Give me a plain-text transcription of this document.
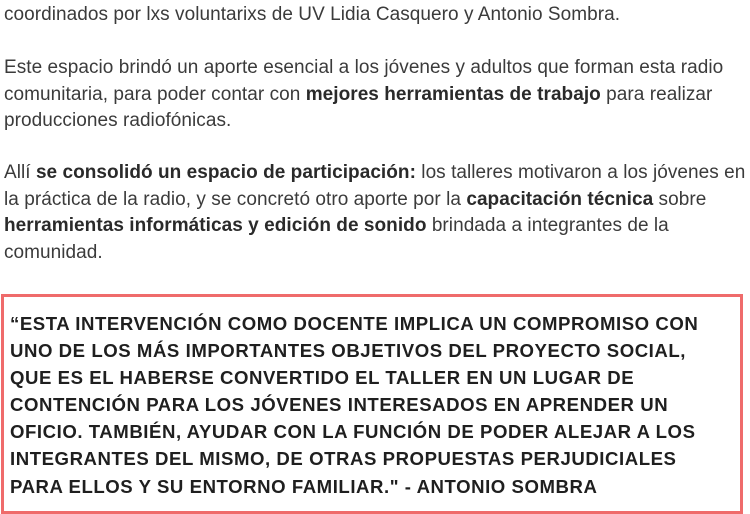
coordinados por lxs voluntarixs de UV Lidia Casquero y Antonio Sombra.

Este espacio brindó un aporte esencial a los jóvenes y adultos que forman esta radio comunitaria, para poder contar con mejores herramientas de trabajo para realizar producciones radiofónicas.

Allí se consolidó un espacio de participación: los talleres motivaron a los jóvenes en la práctica de la radio, y se concretó otro aporte por la capacitación técnica sobre herramientas informáticas y edición de sonido brindada a integrantes de la comunidad.

“ESTA INTERVENCIÓN COMO DOCENTE IMPLICA UN COMPROMISO CON
UNO DE LOS MÁS IMPORTANTES OBJETIVOS DEL PROYECTO SOCIAL,
QUE ES EL HABERSE CONVERTIDO EL TALLER EN UN LUGAR DE
CONTENCIÓN PARA LOS JÓVENES INTERESADOS EN APRENDER UN
OFICIO. TAMBIÉN, AYUDAR CON LA FUNCIÓN DE PODER ALEJAR A LOS
INTEGRANTES DEL MISMO, DE OTRAS PROPUESTAS PERJUDICIALES
PARA ELLOS Y SU ENTORNO FAMILIAR." - ANTONIO SOMBRA
